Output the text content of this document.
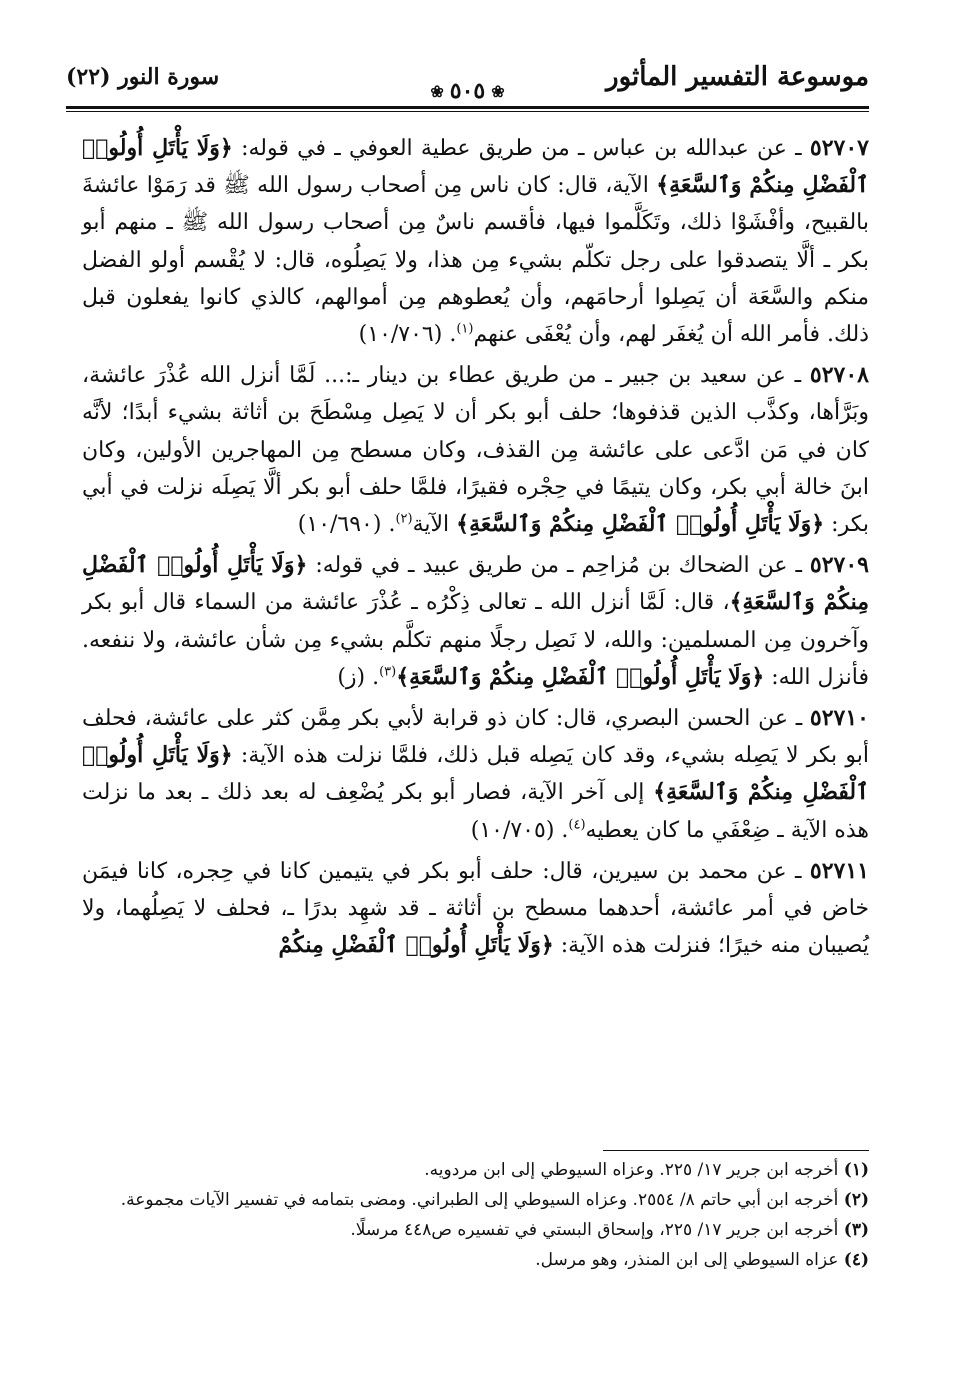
موسوعة التفسير المأثور
❀ ٥٠٥ ❀
سورة النور (٢٢)

٥٢٧٠٧ ـ عن عبدالله بن عباس ـ من طريق عطية العوفي ـ في قوله: ﴿وَلَا يَأْتَلِ أُولُوا۟ ٱلْفَضْلِ مِنكُمْ وَٱلسَّعَةِ﴾ الآية، قال: كان ناس مِن أصحاب رسول الله ﷺ قد رَمَوْا عائشةَ بالقبيح، وأفْشَوْا ذلك، وتَكَلَّموا فيها، فأقسم ناسٌ مِن أصحاب رسول الله ﷺ ـ منهم أبو بكر ـ ألَّا يتصدقوا على رجل تكلّم بشيء مِن هذا، ولا يَصِلُوه، قال: لا يُقْسم أولو الفضل منكم والسَّعَة أن يَصِلوا أرحامَهم، وأن يُعطوهم مِن أموالهم، كالذي كانوا يفعلون قبل ذلك. فأمر الله أن يُغفَر لهم، وأن يُعْفَى عنهم$^{(١)}$. (١٠/٧٠٦)

٥٢٧٠٨ ـ عن سعيد بن جبير ـ من طريق عطاء بن دينار ـ:... لَمَّا أنزل الله عُذْرَ عائشة، وبَرَّأها، وكذَّب الذين قذفوها؛ حلف أبو بكر أن لا يَصِل مِسْطَحَ بن أثاثة بشيء أبدًا؛ لأنَّه كان في مَن ادَّعى على عائشة مِن القذف، وكان مسطح مِن المهاجرين الأولين، وكان ابنَ خالة أبي بكر، وكان يتيمًا في حِجْره فقيرًا، فلمَّا حلف أبو بكر ألَّا يَصِلَه نزلت في أبي بكر: ﴿وَلَا يَأْتَلِ أُولُوا۟ ٱلْفَضْلِ مِنكُمْ وَٱلسَّعَةِ﴾ الآية$^{(٢)}$. (١٠/٦٩٠)

٥٢٧٠٩ ـ عن الضحاك بن مُزاحِم ـ من طريق عبيد ـ في قوله: ﴿وَلَا يَأْتَلِ أُولُوا۟ ٱلْفَضْلِ مِنكُمْ وَٱلسَّعَةِ﴾، قال: لَمَّا أنزل الله ـ تعالى ذِكْرُه ـ عُذْرَ عائشة من السماء قال أبو بكر وآخرون مِن المسلمين: والله، لا نَصِل رجلًا منهم تكلَّم بشيء مِن شأن عائشة، ولا ننفعه. فأنزل الله: ﴿وَلَا يَأْتَلِ أُولُوا۟ ٱلْفَضْلِ مِنكُمْ وَٱلسَّعَةِ﴾$^{(٣)}$. (ز)

٥٢٧١٠ ـ عن الحسن البصري، قال: كان ذو قرابة لأبي بكر مِمَّن كثر على عائشة، فحلف أبو بكر لا يَصِله بشيء، وقد كان يَصِله قبل ذلك، فلمَّا نزلت هذه الآية: ﴿وَلَا يَأْتَلِ أُولُوا۟ ٱلْفَضْلِ مِنكُمْ وَٱلسَّعَةِ﴾ إلى آخر الآية، فصار أبو بكر يُضْعِف له بعد ذلك ـ بعد ما نزلت هذه الآية ـ ضِعْفَي ما كان يعطيه$^{(٤)}$. (١٠/٧٠٥)

٥٢٧١١ ـ عن محمد بن سيرين، قال: حلف أبو بكر في يتيمين كانا في حِجره، كانا فيمَن خاض في أمر عائشة، أحدهما مسطح بن أثاثة ـ قد شهِد بدرًا ـ، فحلف لا يَصِلُهما، ولا يُصيبان منه خيرًا؛ فنزلت هذه الآية: ﴿وَلَا يَأْتَلِ أُولُوا۟ ٱلْفَضْلِ مِنكُمْ

(١) أخرجه ابن جرير ١٧/ ٢٢٥. وعزاه السيوطي إلى ابن مردويه.

(٢) أخرجه ابن أبي حاتم ٨/ ٢٥٥٤. وعزاه السيوطي إلى الطبراني. ومضى بتمامه في تفسير الآيات مجموعة.

(٣) أخرجه ابن جرير ١٧/ ٢٢٥، وإسحاق البستي في تفسيره ص٤٤٨ مرسلًا.

(٤) عزاه السيوطي إلى ابن المنذر، وهو مرسل.
